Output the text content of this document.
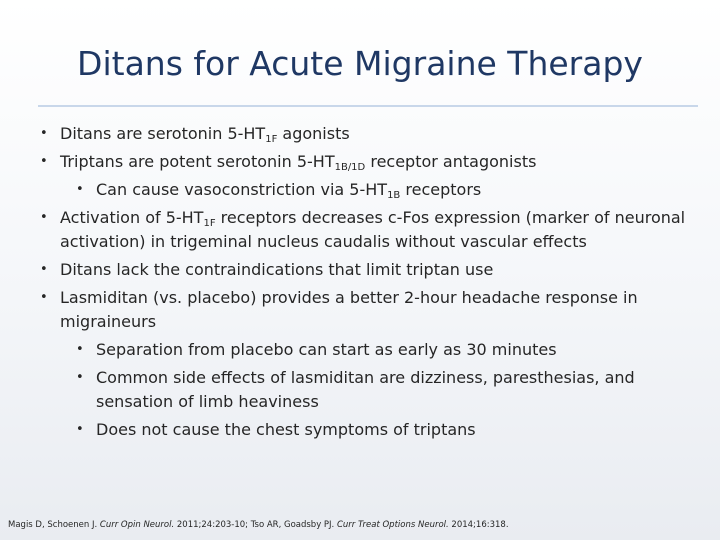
Ditans for Acute Migraine Therapy
• Ditans are serotonin $5-HT_{1F}$ agonists
• Triptans are potent serotonin $5-HT_{1B/1D}$ receptor antagonists
• Can cause vasoconstriction via $5-HT_{1B}$ receptors
• Activation of $5-HT_{1F}$ receptors decreases c-Fos expression (marker of neuronal activation) in trigeminal nucleus caudalis without vascular effects
• Ditans lack the contraindications that limit triptan use
• Lasmiditan (vs. placebo) provides a better 2-hour headache response in migraineurs
• Separation from placebo can start as early as 30 minutes
• Common side effects of lasmiditan are dizziness, paresthesias, and sensation of limb heaviness
• Does not cause the chest symptoms of triptans
Magis D, Schoenen J. Curr Opin Neurol. 2011;24:203-10; Tso AR, Goadsby PJ. Curr Treat Options Neurol. 2014;16:318.
